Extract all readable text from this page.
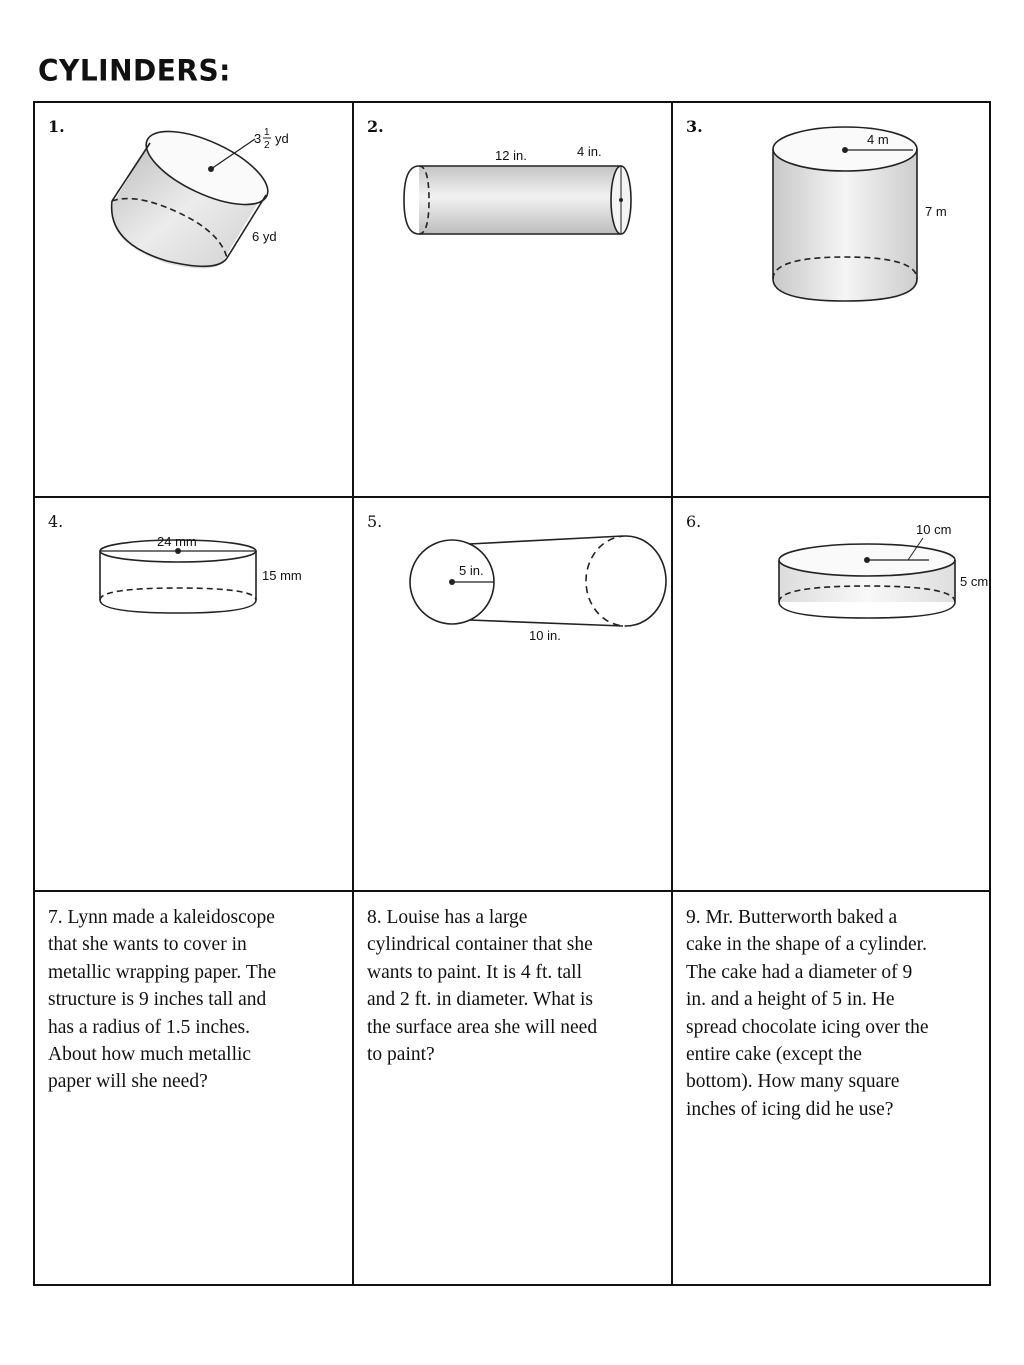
CYLINDERS:
1.
3 1
2 yd
6 yd
2.
12 in.	4 in.
3.
4 m
7 m
4.
24 mm
15 mm
5.
5 in.
10 in.
6.	10 cm
5 cm
7. Lynn made a kaleidoscope
that she wants to cover in
metallic wrapping paper. The
structure is 9 inches tall and
has a radius of 1.5 inches.
About how much metallic
paper will she need?
8. Louise has a large
cylindrical container that she
wants to paint. It is 4 ft. tall
and 2 ft. in diameter. What is
the surface area she will need
to paint?
9. Mr. Butterworth baked a
cake in the shape of a cylinder.
The cake had a diameter of 9
in. and a height of 5 in. He
spread chocolate icing over the
entire cake (except the
bottom). How many square
inches of icing did he use?
